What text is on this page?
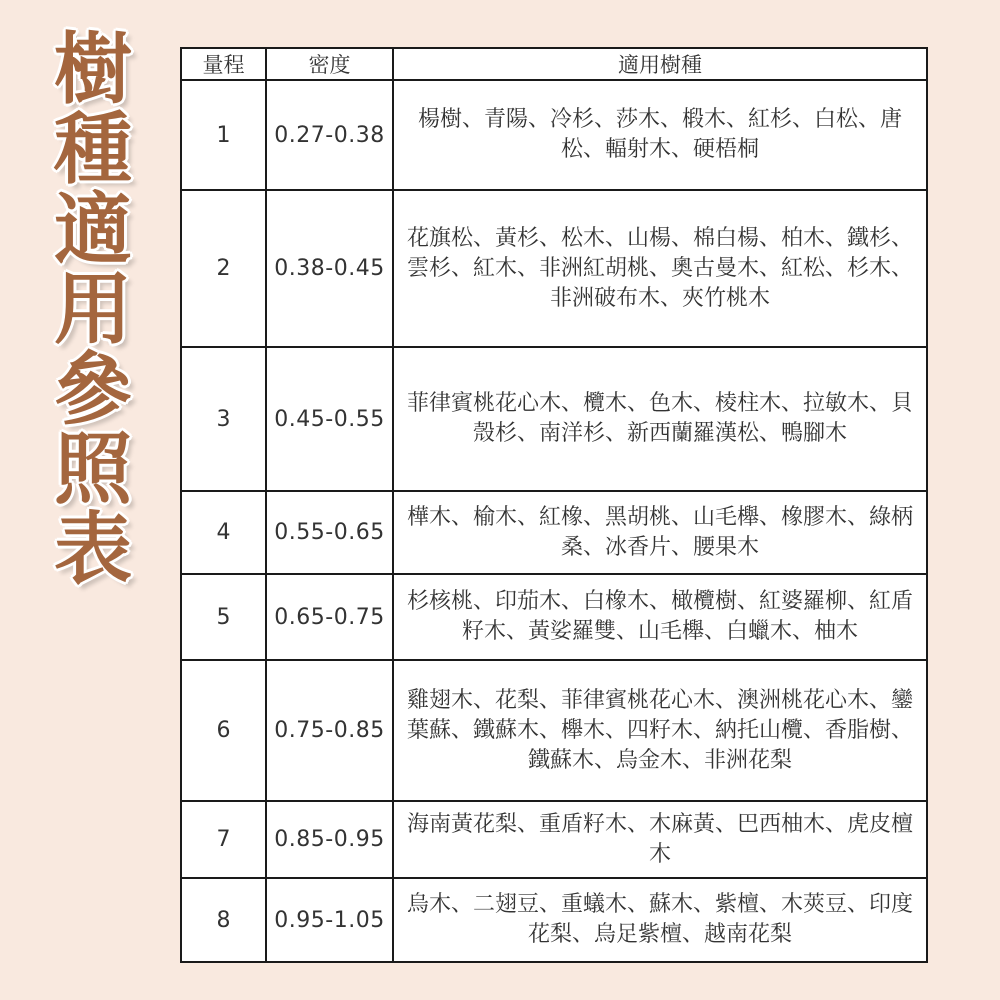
樹
種
適
用
參
照
表
量程	密度	適用樹種
1	0.27-0.38	楊樹、青陽、冷杉、莎木、椴木、紅杉、白松、唐松、輻射木、硬梧桐
2	0.38-0.45	花旗松、黃杉、松木、山楊、棉白楊、柏木、鐵杉、雲杉、紅木、非洲紅胡桃、奧古曼木、紅松、杉木、非洲破布木、夾竹桃木
3	0.45-0.55	菲律賓桃花心木、欖木、色木、棱柱木、拉敏木、貝殼杉、南洋杉、新西蘭羅漢松、鴨腳木
4	0.55-0.65	樺木、榆木、紅橡、黑胡桃、山毛櫸、橡膠木、綠柄桑、冰香片、腰果木
5	0.65-0.75	杉核桃、印茄木、白橡木、橄欖樹、紅婆羅柳、紅盾籽木、黃娑羅雙、山毛櫸、白蠟木、柚木
6	0.75-0.85	雞翅木、花梨、菲律賓桃花心木、澳洲桃花心木、鑾葉蘇、鐵蘇木、櫸木、四籽木、納托山欖、香脂樹、鐵蘇木、烏金木、非洲花梨
7	0.85-0.95	海南黃花梨、重盾籽木、木麻黃、巴西柚木、虎皮檀木
8	0.95-1.05	烏木、二翅豆、重蟻木、蘇木、紫檀、木莢豆、印度花梨、烏足紫檀、越南花梨
